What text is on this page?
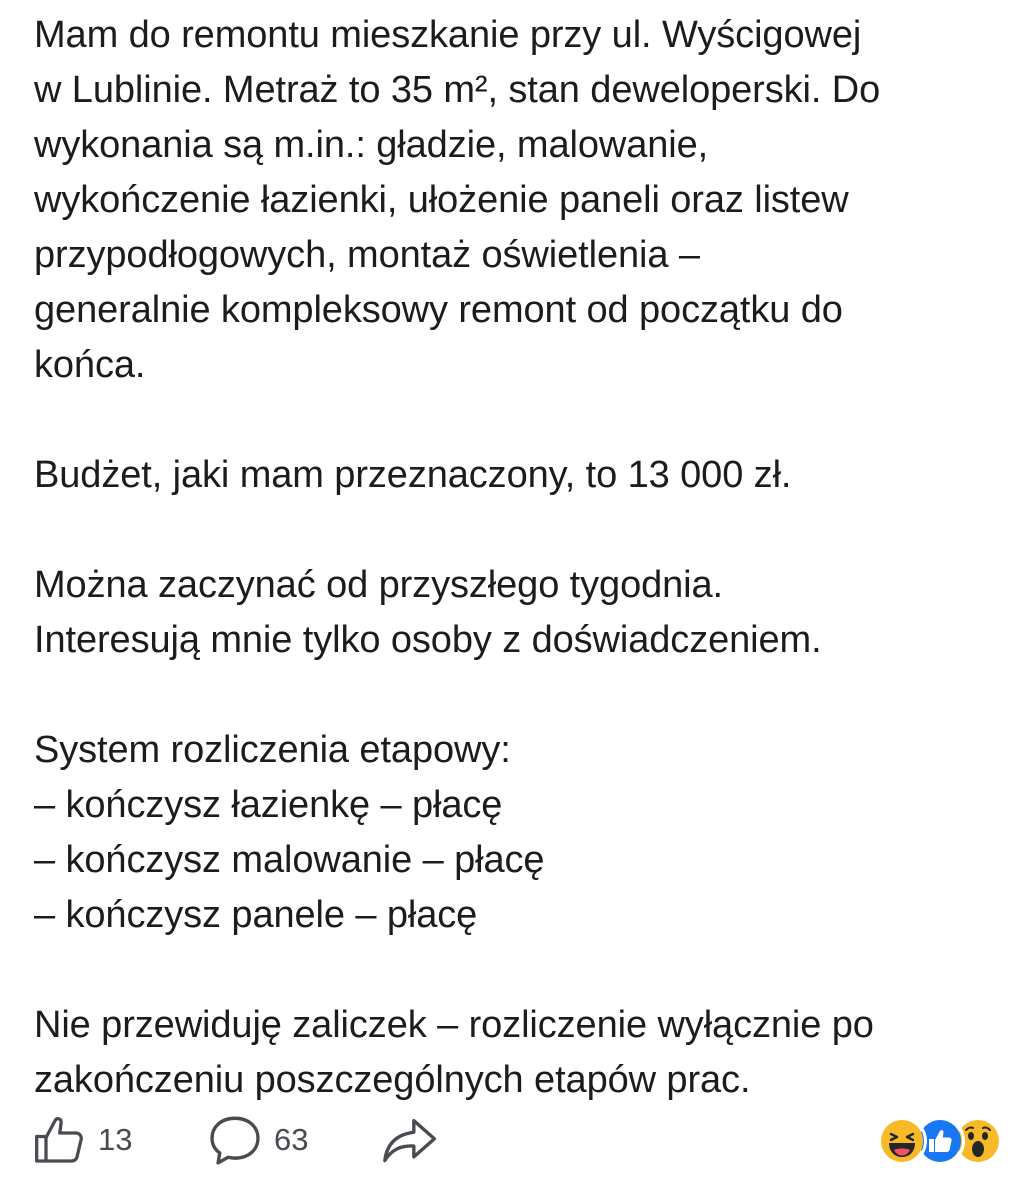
Mam do remontu mieszkanie przy ul. Wyścigowej
w Lublinie. Metraż to 35 m², stan deweloperski. Do
wykonania są m.in.: gładzie, malowanie,
wykończenie łazienki, ułożenie paneli oraz listew
przypodłogowych, montaż oświetlenia –
generalnie kompleksowy remont od początku do
końca.
Budżet, jaki mam przeznaczony, to 13 000 zł.
Można zaczynać od przyszłego tygodnia.
Interesują mnie tylko osoby z doświadczeniem.
System rozliczenia etapowy:
– kończysz łazienkę – płacę
– kończysz malowanie – płacę
– kończysz panele – płacę
Nie przewiduję zaliczek – rozliczenie wyłącznie po
zakończeniu poszczególnych etapów prac.
13	63
